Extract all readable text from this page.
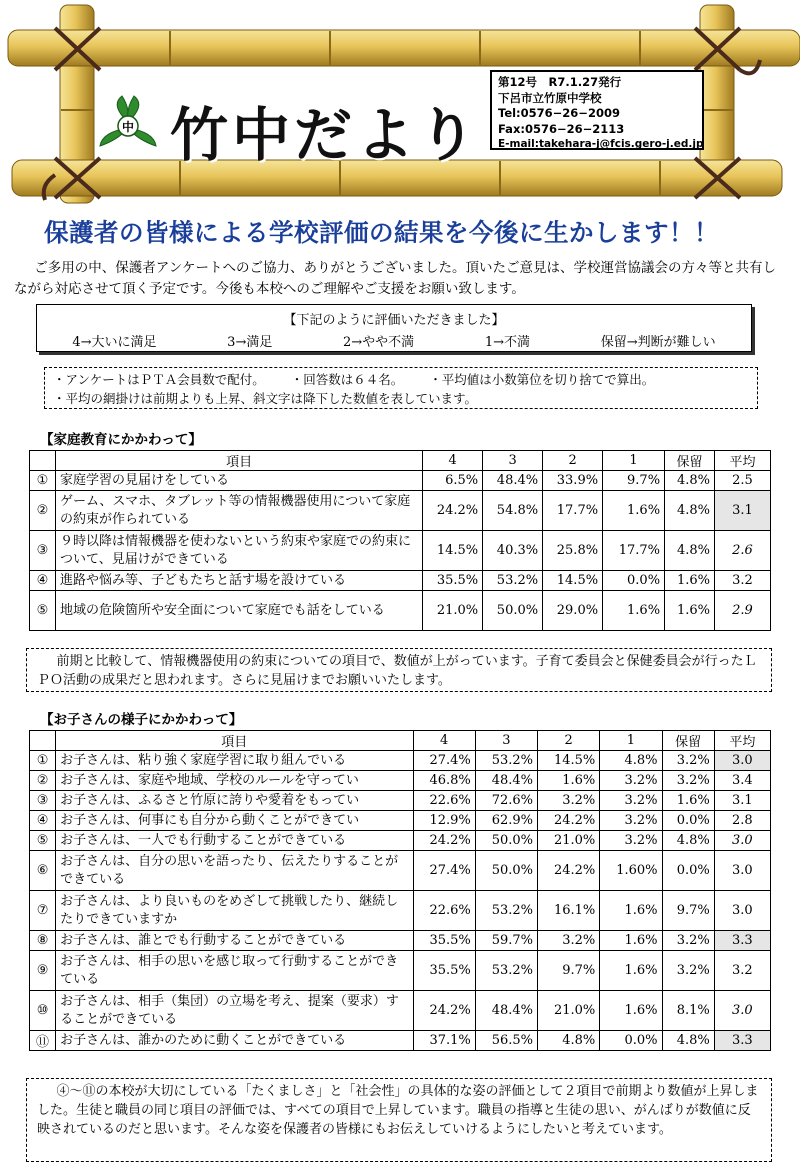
中 竹中だより
第12号　R7.1.27発行
下呂市立竹原中学校
Tel:0576−26−2009
Fax:0576−26−2113
E-mail:takehara-j@fcis.gero-j.ed.jp
保護者の皆様による学校評価の結果を今後に生かします！！
ご多用の中、保護者アンケートへのご協力、ありがとうございました。頂いたご意見は、学校運営協議会の方々等と共有しながら対応させて頂く予定です。今後も本校へのご理解やご支援をお願い致します。
【下記のように評価いただきました】
4→大いに満足	3→満足	2→やや不満	1→不満	保留→判断が難しい
・アンケートはＰＴＡ会員数で配付。 ・回答数は６４名。 ・平均値は小数第位を切り捨てで算出。
・平均の網掛けは前期よりも上昇、斜文字は降下した数値を表しています。
【家庭教育にかかわって】
	項目	4	3	2	1	保留	平均
①	家庭学習の見届けをしている	6.5%	48.4%	33.9%	9.7%	4.8%	2.5
②	ゲーム、スマホ、タブレット等の情報機器使用について家庭の約束が作られている	24.2%	54.8%	17.7%	1.6%	4.8%	3.1
③	９時以降は情報機器を使わないという約束や家庭での約束について、見届けができている	14.5%	40.3%	25.8%	17.7%	4.8%	2.6
④	進路や悩み等、子どもたちと話す場を設けている	35.5%	53.2%	14.5%	0.0%	1.6%	3.2
⑤	地域の危険箇所や安全面について家庭でも話をしている	21.0%	50.0%	29.0%	1.6%	1.6%	2.9
前期と比較して、情報機器使用の約束についての項目で、数値が上がっています。子育て委員会と保健委員会が行ったＬＰＯ活動の成果だと思われます。さらに見届けまでお願いいたします。
【お子さんの様子にかかわって】
	項目	4	3	2	1	保留	平均
①	お子さんは、粘り強く家庭学習に取り組んでいる	27.4%	53.2%	14.5%	4.8%	3.2%	3.0
②	お子さんは、家庭や地域、学校のルールを守ってい	46.8%	48.4%	1.6%	3.2%	3.2%	3.4
③	お子さんは、ふるさと竹原に誇りや愛着をもってい	22.6%	72.6%	3.2%	3.2%	1.6%	3.1
④	お子さんは、何事にも自分から動くことができてい	12.9%	62.9%	24.2%	3.2%	0.0%	2.8
⑤	お子さんは、一人でも行動することができている	24.2%	50.0%	21.0%	3.2%	4.8%	3.0
⑥	お子さんは、自分の思いを語ったり、伝えたりすることができている	27.4%	50.0%	24.2%	1.60%	0.0%	3.0
⑦	お子さんは、より良いものをめざして挑戦したり、継続したりできていますか	22.6%	53.2%	16.1%	1.6%	9.7%	3.0
⑧	お子さんは、誰とでも行動することができている	35.5%	59.7%	3.2%	1.6%	3.2%	3.3
⑨	お子さんは、相手の思いを感じ取って行動することができている	35.5%	53.2%	9.7%	1.6%	3.2%	3.2
⑩	お子さんは、相手（集団）の立場を考え、提案（要求）することができている	24.2%	48.4%	21.0%	1.6%	8.1%	3.0
⑪	お子さんは、誰かのために動くことができている	37.1%	56.5%	4.8%	0.0%	4.8%	3.3
④〜⑪の本校が大切にしている「たくましさ」と「社会性」の具体的な姿の評価として２項目で前期より数値が上昇しました。生徒と職員の同じ項目の評価では、すべての項目で上昇しています。職員の指導と生徒の思い、がんばりが数値に反映されているのだと思います。そんな姿を保護者の皆様にもお伝えしていけるようにしたいと考えています。
